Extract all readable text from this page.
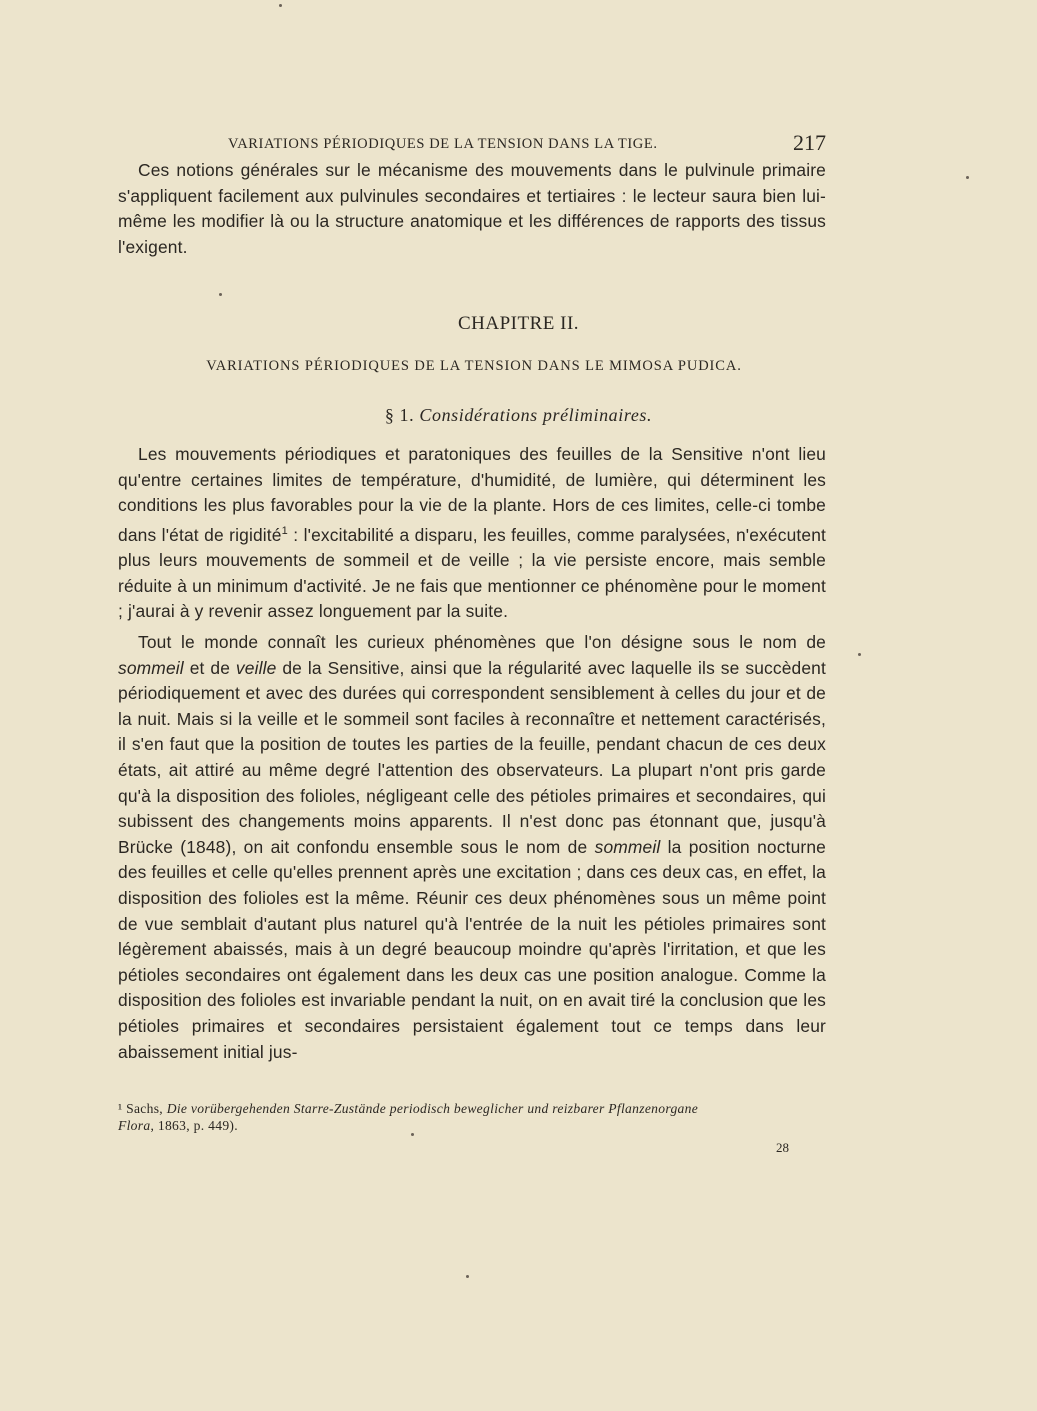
VARIATIONS PÉRIODIQUES DE LA TENSION DANS LA TIGE.	217

Ces notions générales sur le mécanisme des mouvements dans le pulvinule primaire s'appliquent facilement aux pulvinules secondaires et tertiaires : le lecteur saura bien lui-même les modifier là ou la structure anatomique et les différences de rapports des tissus l'exigent.

CHAPITRE II.
VARIATIONS PÉRIODIQUES DE LA TENSION DANS LE MIMOSA PUDICA.
§ 1. Considérations préliminaires.

Les mouvements périodiques et paratoniques des feuilles de la Sensitive n'ont lieu qu'entre certaines limites de température, d'humidité, de lumière, qui déterminent les conditions les plus favorables pour la vie de la plante. Hors de ces limites, celle-ci tombe dans l'état de rigidité$^1$ : l'excitabilité a disparu, les feuilles, comme paralysées, n'exécutent plus leurs mouvements de sommeil et de veille ; la vie persiste encore, mais semble réduite à un minimum d'activité. Je ne fais que mentionner ce phénomène pour le moment ; j'aurai à y revenir assez longuement par la suite.

Tout le monde connaît les curieux phénomènes que l'on désigne sous le nom de sommeil et de veille de la Sensitive, ainsi que la régularité avec laquelle ils se succèdent périodiquement et avec des durées qui correspondent sensiblement à celles du jour et de la nuit. Mais si la veille et le sommeil sont faciles à reconnaître et nettement caractérisés, il s'en faut que la position de toutes les parties de la feuille, pendant chacun de ces deux états, ait attiré au même degré l'attention des observateurs. La plupart n'ont pris garde qu'à la disposition des folioles, négligeant celle des pétioles primaires et secondaires, qui subissent des changements moins apparents. Il n'est donc pas étonnant que, jusqu'à Brücke (1848), on ait confondu ensemble sous le nom de sommeil la position nocturne des feuilles et celle qu'elles prennent après une excitation ; dans ces deux cas, en effet, la disposition des folioles est la même. Réunir ces deux phénomènes sous un même point de vue semblait d'autant plus naturel qu'à l'entrée de la nuit les pétioles primaires sont légèrement abaissés, mais à un degré beaucoup moindre qu'après l'irritation, et que les pétioles secondaires ont également dans les deux cas une position analogue. Comme la disposition des folioles est invariable pendant la nuit, on en avait tiré la conclusion que les pétioles primaires et secondaires persistaient également tout ce temps dans leur abaissement initial jus-

¹ Sachs, Die vorübergehenden Starre-Zustände periodisch beweglicher und reizbarer Pflanzenorgane
Flora, 1863, p. 449).
28
